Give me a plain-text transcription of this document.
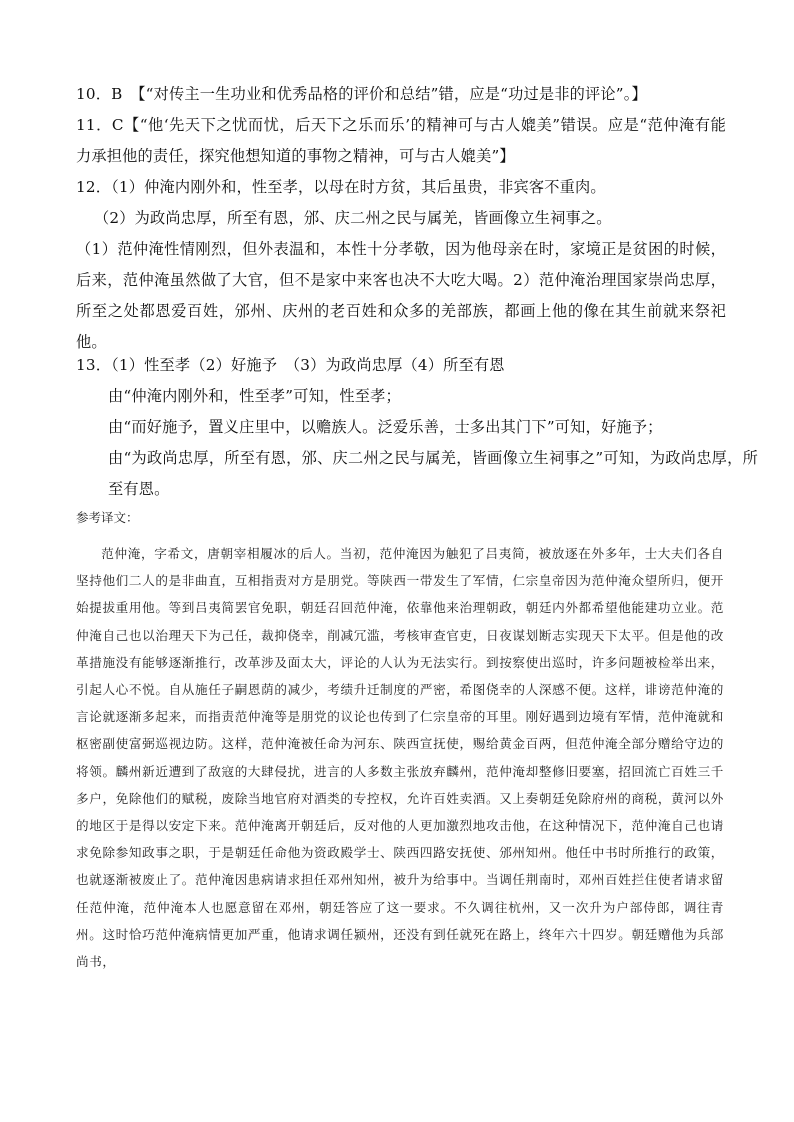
10．B　【“对传主一生功业和优秀品格的评价和总结”错，应是“功过是非的评论”。】
11．C【“他‘先天下之忧而忧，后天下之乐而乐’的精神可与古人媲美”错误。应是“范仲淹有能力承担他的责任，探究他想知道的事物之精神，可与古人媲美”】
12．（1）仲淹内刚外和，性至孝，以母在时方贫，其后虽贵，非宾客不重肉。
（2）为政尚忠厚，所至有恩，邠、庆二州之民与属羌，皆画像立生祠事之。
（1）范仲淹性情刚烈，但外表温和，本性十分孝敬，因为他母亲在时，家境正是贫困的时候，后来，范仲淹虽然做了大官，但不是家中来客也决不大吃大喝。2）范仲淹治理国家崇尚忠厚，所至之处都恩爱百姓，邠州、庆州的老百姓和众多的羌部族，都画上他的像在其生前就来祭祀他。
13．（1）性至孝（2）好施予　（3）为政尚忠厚（4）所至有恩
由“仲淹内刚外和，性至孝”可知，性至孝；
由“而好施予，置义庄里中，以赡族人。泛爱乐善，士多出其门下”可知，好施予；
由“为政尚忠厚，所至有恩，邠、庆二州之民与属羌，皆画像立生祠事之”可知，为政尚忠厚，所至有恩。
参考译文：
范仲淹，字希文，唐朝宰相履冰的后人。当初，范仲淹因为触犯了吕夷简，被放逐在外多年，士大夫们各自坚持他们二人的是非曲直，互相指责对方是朋党。等陕西一带发生了军情，仁宗皇帝因为范仲淹众望所归，便开始提拔重用他。等到吕夷简罢官免职，朝廷召回范仲淹，依靠他来治理朝政，朝廷内外都希望他能建功立业。范仲淹自己也以治理天下为己任，裁抑侥幸，削减冗滥，考核审查官吏，日夜谋划断志实现天下太平。但是他的改革措施没有能够逐渐推行，改革涉及面太大，评论的人认为无法实行。到按察使出巡时，许多问题被检举出来，引起人心不悦。自从施任子嗣恩荫的减少，考绩升迁制度的严密，希图侥幸的人深感不便。这样，诽谤范仲淹的言论就逐渐多起来，而指责范仲淹等是朋党的议论也传到了仁宗皇帝的耳里。刚好遇到边境有军情，范仲淹就和枢密副使富弼巡视边防。这样，范仲淹被任命为河东、陕西宣抚使，赐给黄金百两，但范仲淹全部分赠给守边的将领。麟州新近遭到了敌寇的大肆侵扰，进言的人多数主张放弃麟州，范仲淹却整修旧要塞，招回流亡百姓三千多户，免除他们的赋税，废除当地官府对酒类的专控权，允许百姓卖酒。又上奏朝廷免除府州的商税，黄河以外的地区于是得以安定下来。范仲淹离开朝廷后，反对他的人更加激烈地攻击他，在这种情况下，范仲淹自己也请求免除参知政事之职，于是朝廷任命他为资政殿学士、陕西四路安抚使、邠州知州。他任中书时所推行的政策，也就逐渐被废止了。范仲淹因患病请求担任邓州知州，被升为给事中。当调任荆南时，邓州百姓拦住使者请求留任范仲淹，范仲淹本人也愿意留在邓州，朝廷答应了这一要求。不久调往杭州，又一次升为户部侍郎，调往青州。这时恰巧范仲淹病情更加严重，他请求调任颍州，还没有到任就死在路上，终年六十四岁。朝廷赠他为兵部尚书，
